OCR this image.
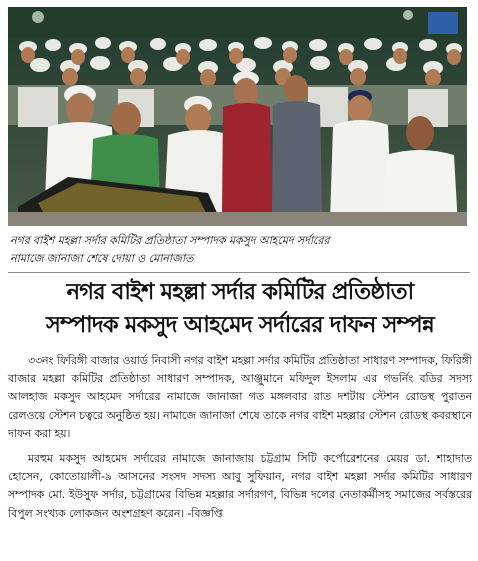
নগর বাইশ মহল্লা সর্দার কমিটির প্রতিষ্ঠাতা সম্পাদক মকসুদ আহমেদ সর্দারের
নামাজে জানাজা শেষে দোয়া ও মোনাজাত
নগর বাইশ মহল্লা সর্দার কমিটির প্রতিষ্ঠাতা
সম্পাদক মকসুদ আহমেদ সর্দারের দাফন সম্পন্ন

৩৩নং ফিরিঙ্গী বাজার ওয়ার্ড নিবাসী নগর বাইশ মহল্লা সর্দার কমিটির প্রতিষ্ঠাতা সাধারণ সম্পাদক, ফিরিঙ্গী বাজার মহল্লা কমিটির প্রতিষ্ঠাতা সাধারণ সম্পাদক, আঞ্জুমানে মফিদুল ইসলাম এর গভর্নিং বডির সদস্য আলহাজ মকসুদ আহমেদ সর্দারের নামাজে জানাজা গত মঙ্গলবার রাত দশটায় স্টেশন রোডস্থ পুরাতন রেলওয়ে স্টেশন চত্বরে অনুষ্ঠিত হয়। নামাজে জানাজা শেষে তাকে নগর বাইশ মহল্লার স্টেশন রোডস্থ কবরস্থানে দাফন করা হয়।

মরহুম মকসুদ আহমেদ সর্দারের নামাজে জানাজায় চট্টগ্রাম সিটি কর্পোরেশনের মেয়র ডা. শাহাদাত হোসেন, কোতোয়ালী-৯ আসনের সংসদ সদস্য আবু সুফিয়ান, নগর বাইশ মহল্লা সর্দার কমিটির সাধারণ সম্পাদক মো. ইউসুফ সর্দার, চট্টগ্রামের বিভিন্ন মহল্লার সর্দারগণ, বিভিন্ন দলের নেতাকর্মীসহ সমাজের সর্বস্তরের বিপুল সংখ্যক লোকজন অংশগ্রহণ করেন। -বিজ্ঞপ্তি
